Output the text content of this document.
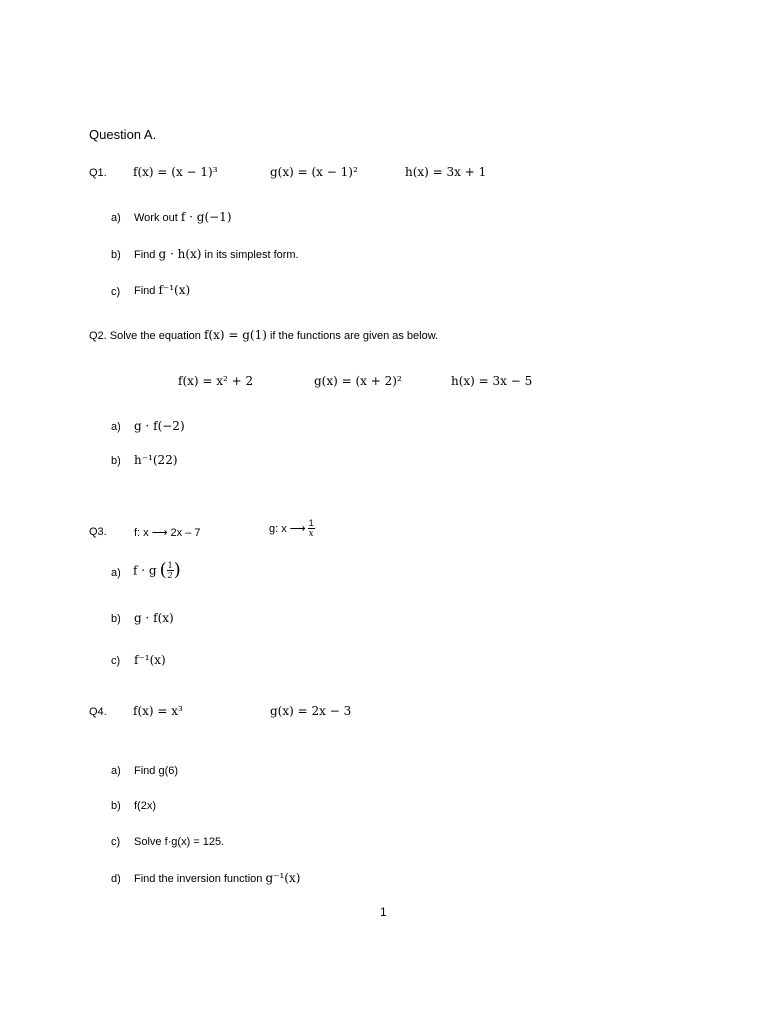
Question A.
Q1. f(x) = (x − 1)³	g(x) = (x − 1)²	h(x) = 3x + 1
a) Work out f · g(−1)
b) Find g · h(x) in its simplest form.
c) Find f⁻¹(x)
Q2. Solve the equation f(x) = g(1) if the functions are given as below.
f(x) = x² + 2	g(x) = (x + 2)²	h(x) = 3x − 5
a) g · f(−2)
b) h⁻¹(22)
Q3. f: x ⟶ 2x – 7	g: x ⟶ $\frac{1}{x}$
a) f · g ( $\frac{1}{2}$ )
b) g · f(x)
c) f⁻¹(x)
Q4. f(x) = x³	g(x) = 2x − 3
a) Find g(6)
b) f(2x)
c) Solve f·g(x) = 125.
d) Find the inversion function g⁻¹(x)
1
